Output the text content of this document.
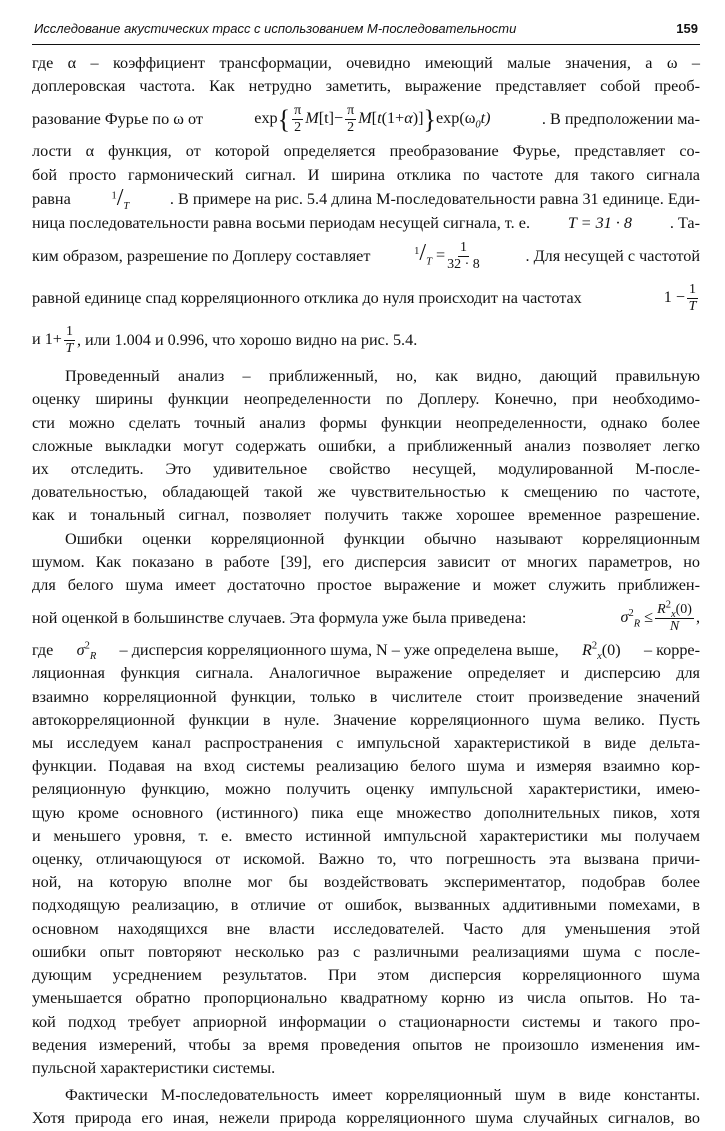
Исследование акустических трасс с использованием М-последовательности	159
где α – коэффициент трансформации, очевидно имеющий малые значения, а ω –
доплеровская частота. Как нетрудно заметить, выражение представляет собой преоб-
разование Фурье по ω от	$\exp\{ \frac{\pi}{2} M[t]- \frac{\pi}{2} M[t(1+\alpha)]\}\exp(\omega_0t)$	. В предположении ма-
лости α функция, от которой определяется преобразование Фурье, представляет со-
бой просто гармонический сигнал. И ширина отклика по частоте для такого сигнала
равна	$^1/_T$	. В примере на рис. 5.4 длина М-последовательности равна 31 единице. Еди-
ница последовательности равна восьми периодам несущей сигнала, т. е. T = 31 · 8 . Та-
ким образом, разрешение по Доплеру составляет	$^1/_T = \frac{1}{32 \cdot 8}$	. Для несущей с частотой
равной единице спад корреляционного отклика до нуля происходит на частотах	$1 - \frac{1}{T}$
и $1+ \frac{1}{T}$ , или 1.004 и 0.996, что хорошо видно на рис. 5.4.
Проведенный анализ – приближенный, но, как видно, дающий правильную
оценку ширины функции неопределенности по Доплеру. Конечно, при необходимо-
сти можно сделать точный анализ формы функции неопределенности, однако более
сложные выкладки могут содержать ошибки, а приближенный анализ позволяет легко
их отследить. Это удивительное свойство несущей, модулированной М-после-
довательностью, обладающей такой же чувствительностью к смещению по частоте,
как и тональный сигнал, позволяет получить также хорошее временное разрешение.
Ошибки оценки корреляционной функции обычно называют корреляционным
шумом. Как показано в работе [39], его дисперсия зависит от многих параметров, но
для белого шума имеет достаточно простое выражение и может служить приближен-
ной оценкой в большинстве случаев. Эта формула уже была приведена:	$\sigma^2_R \le \frac{R^2_x(0)}{N}$ ,
где $\sigma^2_R$ – дисперсия корреляционного шума, N – уже определена выше, $R^2_x(0)$ – корре-
ляционная функция сигнала. Аналогичное выражение определяет и дисперсию для
взаимно корреляционной функции, только в числителе стоит произведение значений
автокорреляционной функции в нуле. Значение корреляционного шума велико. Пусть
мы исследуем канал распространения с импульсной характеристикой в виде дельта-
функции. Подавая на вход системы реализацию белого шума и измеряя взаимно кор-
реляционную функцию, можно получить оценку импульсной характеристики, имею-
щую кроме основного (истинного) пика еще множество дополнительных пиков, хотя
и меньшего уровня, т. е. вместо истинной импульсной характеристики мы получаем
оценку, отличающуюся от искомой. Важно то, что погрешность эта вызвана причи-
ной, на которую вполне мог бы воздействовать экспериментатор, подобрав более
подходящую реализацию, в отличие от ошибок, вызванных аддитивными помехами, в
основном находящихся вне власти исследователей. Часто для уменьшения этой
ошибки опыт повторяют несколько раз с различными реализациями шума с после-
дующим усреднением результатов. При этом дисперсия корреляционного шума
уменьшается обратно пропорционально квадратному корню из числа опытов. Но та-
кой подход требует априорной информации о стационарности системы и такого про-
ведения измерений, чтобы за время проведения опытов не произошло изменения им-
пульсной характеристики системы.
Фактически М-последовательность имеет корреляционный шум в виде константы.
Хотя природа его иная, нежели природа корреляционного шума случайных сигналов, во
